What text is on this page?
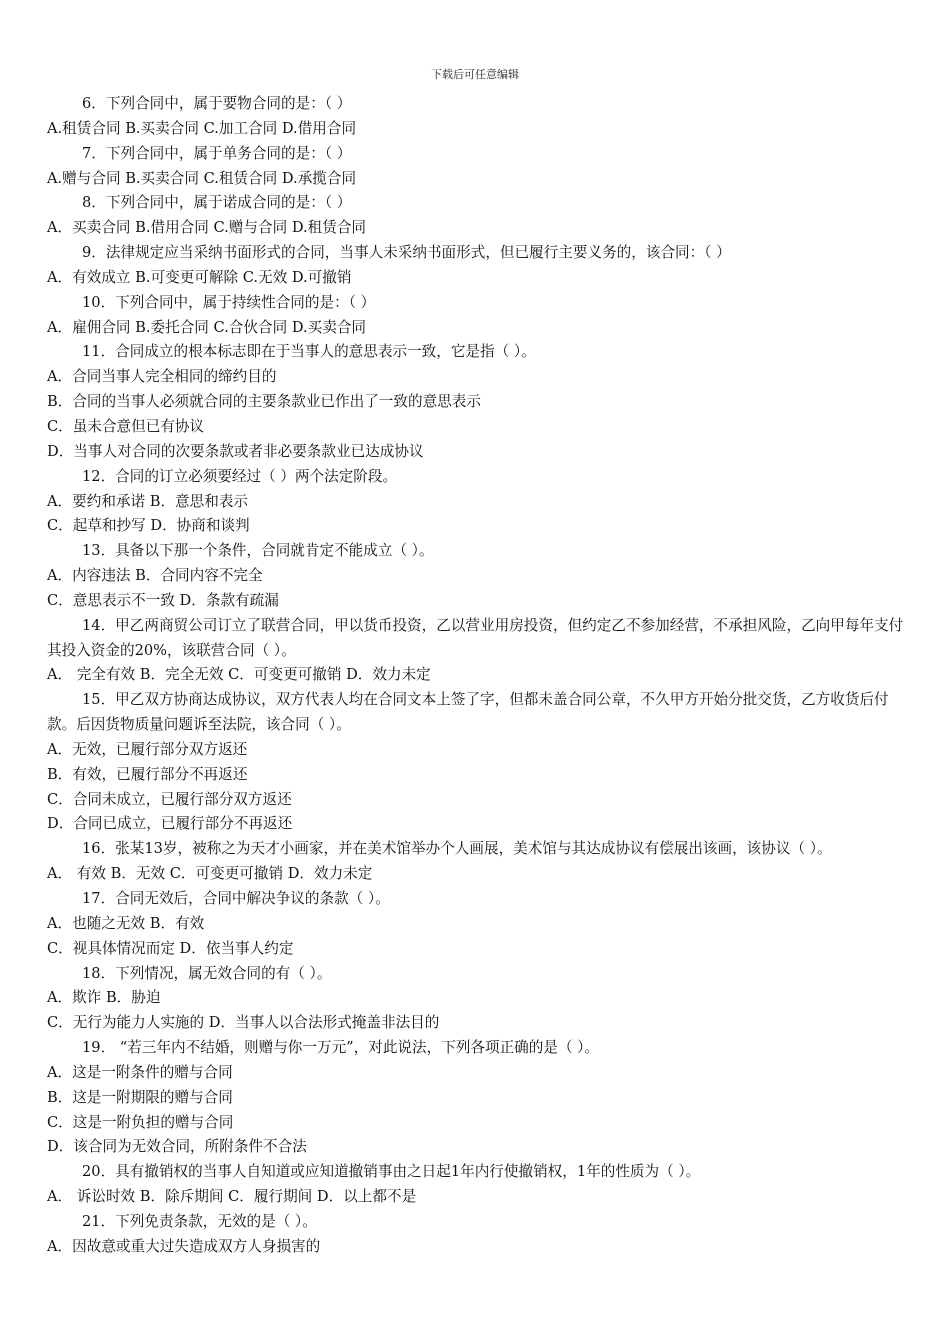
下载后可任意编辑
6．下列合同中，属于要物合同的是：（ ）
A.租赁合同 B.买卖合同 C.加工合同 D.借用合同
7．下列合同中，属于单务合同的是：（ ）
A.赠与合同 B.买卖合同 C.租赁合同 D.承揽合同
8．下列合同中，属于诺成合同的是：（ ）
A．买卖合同 B.借用合同 C.赠与合同 D.租赁合同
9．法律规定应当采纳书面形式的合同，当事人未采纳书面形式，但已履行主要义务的，该合同：（ ）
A．有效成立 B.可变更可解除 C.无效 D.可撤销
10．下列合同中，属于持续性合同的是：（ ）
A．雇佣合同 B.委托合同 C.合伙合同 D.买卖合同
11．合同成立的根本标志即在于当事人的意思表示一致，它是指（ ）。
A．合同当事人完全相同的缔约目的
B．合同的当事人必须就合同的主要条款业已作出了一致的意思表示
C．虽未合意但已有协议
D．当事人对合同的次要条款或者非必要条款业已达成协议
12．合同的订立必须要经过（ ）两个法定阶段。
A．要约和承诺 B．意思和表示
C．起草和抄写 D．协商和谈判
13．具备以下那一个条件，合同就肯定不能成立（ ）。
A．内容违法 B．合同内容不完全
C．意思表示不一致 D．条款有疏漏
14．甲乙两商贸公司订立了联营合同，甲以货币投资，乙以营业用房投资，但约定乙不参加经营，不承担风险，乙向甲每年支付其投入资金的20%，该联营合同（ ）。
A． 完全有效 B．完全无效 C．可变更可撤销 D．效力未定
15．甲乙双方协商达成协议，双方代表人均在合同文本上签了字，但都未盖合同公章，不久甲方开始分批交货，乙方收货后付款。后因货物质量问题诉至法院，该合同（ ）。
A．无效，已履行部分双方返还
B．有效，已履行部分不再返还
C．合同未成立，已履行部分双方返还
D．合同已成立，已履行部分不再返还
16．张某13岁，被称之为天才小画家，并在美术馆举办个人画展，美术馆与其达成协议有偿展出该画，该协议（ ）。
A． 有效 B．无效 C．可变更可撤销 D．效力未定
17．合同无效后，合同中解决争议的条款（ ）。
A．也随之无效 B．有效
C．视具体情况而定 D．依当事人约定
18．下列情况，属无效合同的有（ ）。
A．欺诈 B．胁迫
C．无行为能力人实施的 D．当事人以合法形式掩盖非法目的
19． “若三年内不结婚，则赠与你一万元”，对此说法，下列各项正确的是（ ）。
A．这是一附条件的赠与合同
B．这是一附期限的赠与合同
C．这是一附负担的赠与合同
D．该合同为无效合同，所附条件不合法
20．具有撤销权的当事人自知道或应知道撤销事由之日起1年内行使撤销权，1年的性质为（ ）。
A． 诉讼时效 B．除斥期间 C．履行期间 D．以上都不是
21．下列免责条款，无效的是（ ）。
A．因故意或重大过失造成双方人身损害的
